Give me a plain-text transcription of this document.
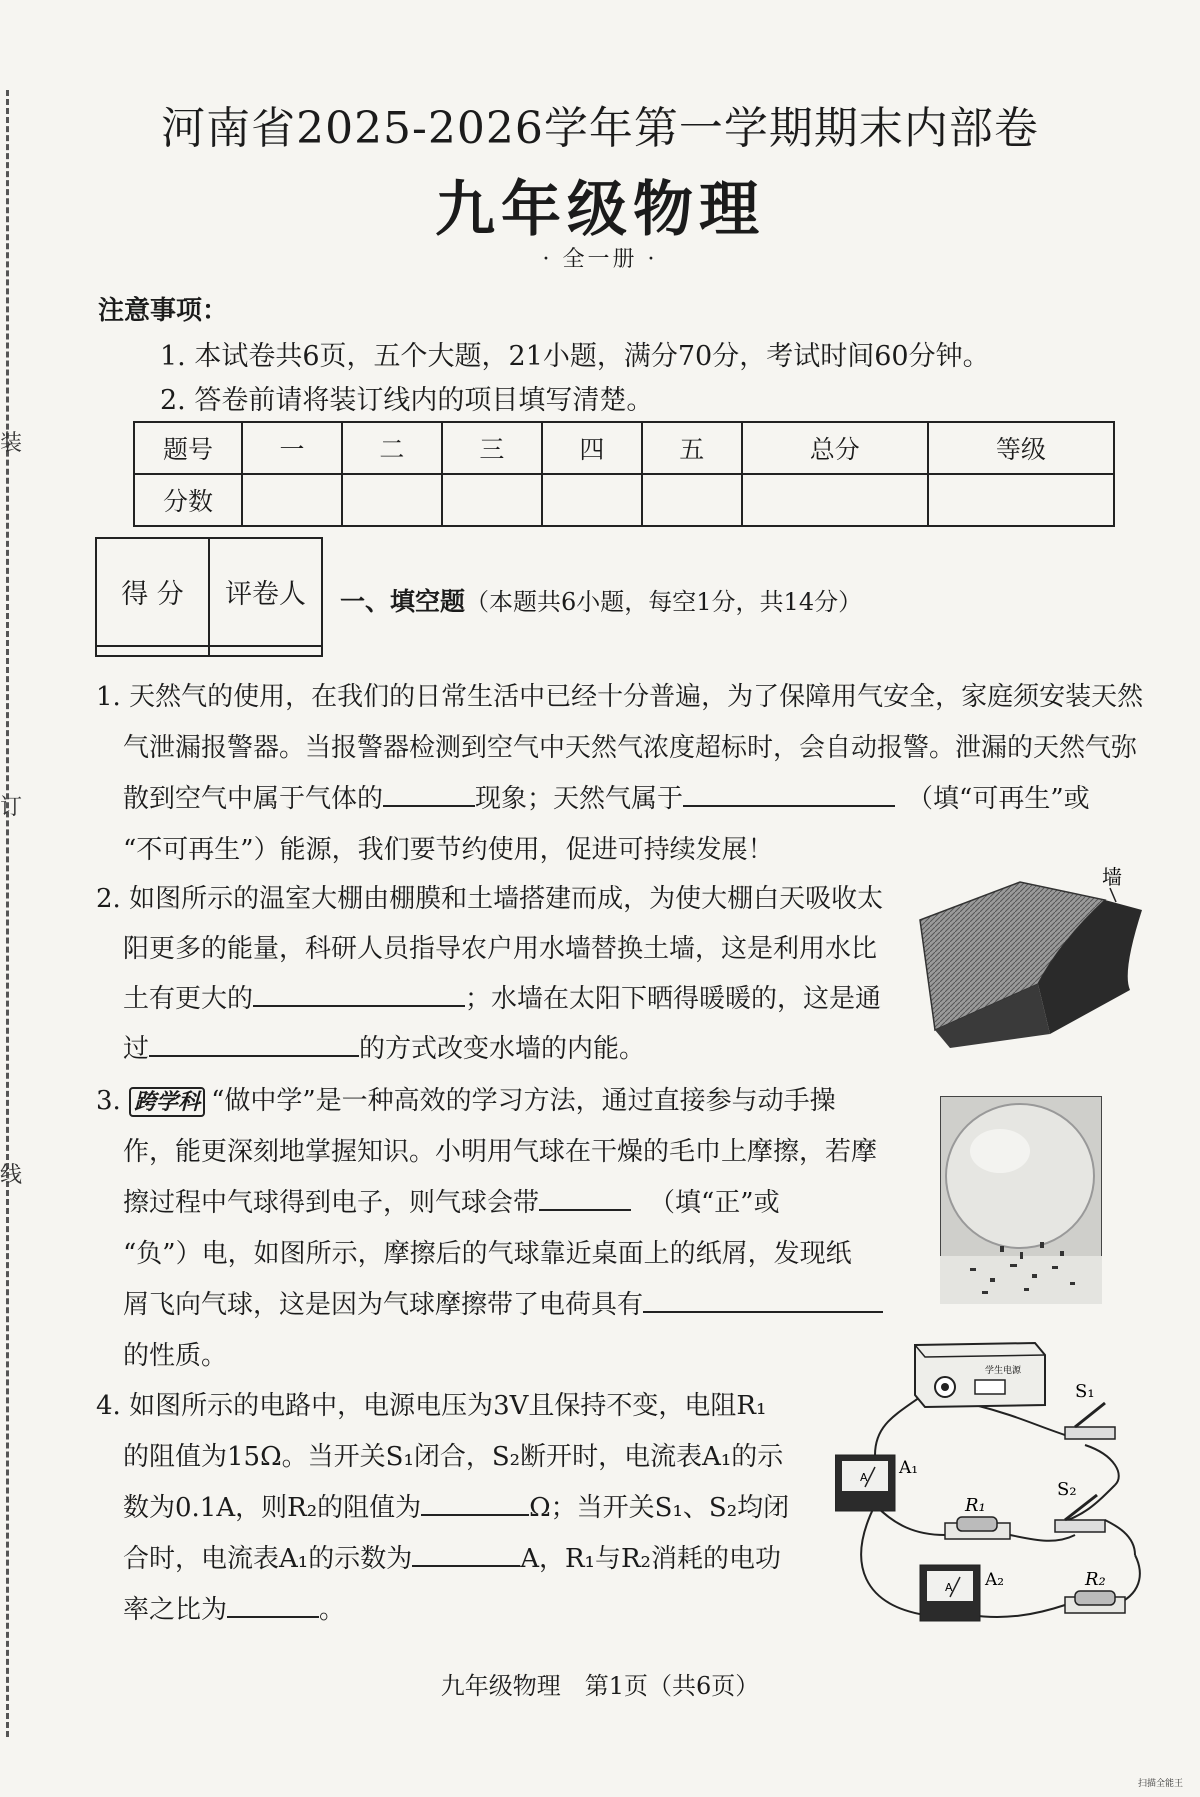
装
订
线
河南省2025-2026学年第一学期期末内部卷
九年级物理
· 全一册 ·
注意事项：
1. 本试卷共6页，五个大题，21小题，满分70分，考试时间60分钟。
2. 答卷前请将装订线内的项目填写清楚。
题号	一	二	三	四	五	总分	等级
分数							
得 分	评卷人
	一、填空题（本题共6小题，每空1分，共14分）
1. 天然气的使用，在我们的日常生活中已经十分普遍，为了保障用气安全，家庭须安装天然
气泄漏报警器。当报警器检测到空气中天然气浓度超标时，会自动报警。泄漏的天然气弥
散到空气中属于气体的	现象；天然气属于	（填“可再生”或
“不可再生”）能源，我们要节约使用，促进可持续发展！
2. 如图所示的温室大棚由棚膜和土墙搭建而成，为使大棚白天吸收太
阳更多的能量，科研人员指导农户用水墙替换土墙，这是利用水比
土有更大的	；水墙在太阳下晒得暖暖的，这是通
过	的方式改变水墙的内能。
墙
3. 跨学科 “做中学”是一种高效的学习方法，通过直接参与动手操
作，能更深刻地掌握知识。小明用气球在干燥的毛巾上摩擦，若摩
擦过程中气球得到电子，则气球会带	（填“正”或
“负”）电，如图所示，摩擦后的气球靠近桌面上的纸屑，发现纸
屑飞向气球，这是因为气球摩擦带了电荷具有
的性质。
4. 如图所示的电路中，电源电压为3V且保持不变，电阻R₁
的阻值为15Ω。当开关S₁闭合，S₂断开时，电流表A₁的示
数为0.1A，则R₂的阻值为	Ω；当开关S₁、S₂均闭
合时，电流表A₁的示数为	A，R₁与R₂消耗的电功
率之比为	。
学生电源
S₁
S₂
R₁
R₂
A A₁
A A₂
九年级物理　第1页（共6页）
扫描全能王
